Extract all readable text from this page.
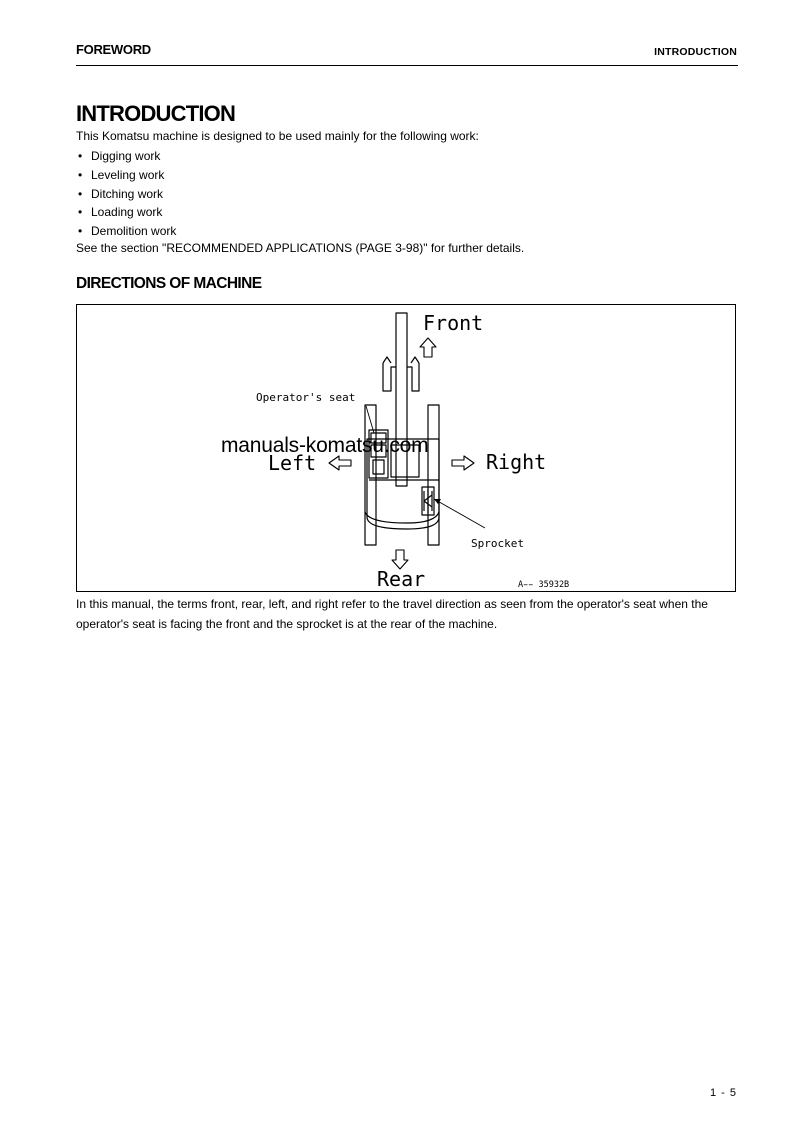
FOREWORD	INTRODUCTION
INTRODUCTION
This Komatsu machine is designed to be used mainly for the following work:
• Digging work
• Leveling work
• Ditching work
• Loading work
• Demolition work
See the section "RECOMMENDED APPLICATIONS (PAGE 3-98)" for further details.
DIRECTIONS OF MACHINE
Front
Rear
Left	Right
Operator's seat
Sprocket
A̵̵ 35932B
manuals-komatsu.com

In this manual, the terms front, rear, left, and right refer to the travel direction as seen from the operator's seat when the operator's seat is facing the front and the sprocket is at the rear of the machine.

1 - 5
